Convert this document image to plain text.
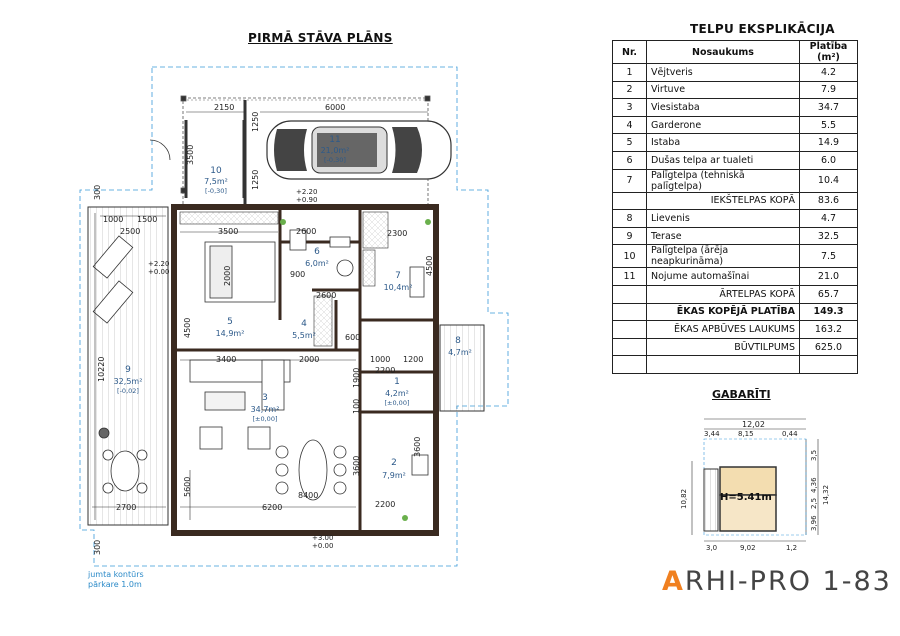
PIRMĀ STĀVA PLĀNS
TELPU EKSPLIKĀCIJA
2150	6000
3500
1250
1250
300
300
1000 1500
2500	3500	2600	2300
4500
4500
900
2000
2600
600
3400	2000	1000 1200
2200
1900
100
3600
3600
2200
5600	8400
6200
2700
10220
+2.20
+0.90
+2.20
+0.00
+3.00
+0.00
1
4,2m²
[±0,00]
2
7,9m²
3
34,7m²
[±0,00]
4
5,5m²
5
14,9m²
6
6,0m²
7
10,4m²
8
4,7m²
9
32,5m²
[-0,02]
10
7,5m²
[-0,30]
11
21,0m²
[-0,30]
jumta kontūrs
pārkare 1.0m
Nr.	Nosaukums	Platība (m²)
1	Vējtveris	4.2
2	Virtuve	7.9
3	Viesistaba	34.7
4	Garderone	5.5
5	Istaba	14.9
6	Dušas telpa ar tualeti	6.0
7	Palīgtelpa (tehniskā palīgtelpa)	10.4
	IEKŠTELPAS KOPĀ	83.6
8	Lievenis	4.7
9	Terase	32.5
10	Palīgtelpa (ārēja neapkurināma)	7.5
11	Nojume automašīnai	21.0
	ĀRTELPAS KOPĀ	65.7
	ĒKAS KOPĒJĀ PLATĪBA	149.3
	ĒKAS APBŪVES LAUKUMS	163.2
	BŪVTILPUMS	625.0

GABARĪTI
12,02
3,44	8,15	0,44
H=5.41m
10,82	14,32
3,5
4,36
2,5
3,96
3,0	9,02	1,2
ARHI-PRO 1-83
